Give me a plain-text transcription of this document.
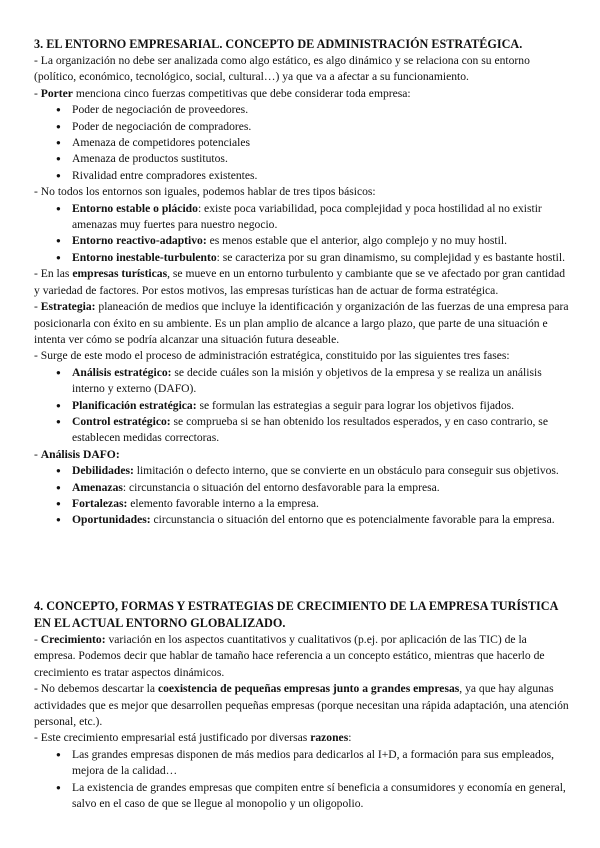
3. EL ENTORNO EMPRESARIAL. CONCEPTO DE ADMINISTRACIÓN ESTRATÉGICA.

- La organización no debe ser analizada como algo estático, es algo dinámico y se relaciona con su entorno (político, económico, tecnológico, social, cultural…) ya que va a afectar a su funcionamiento.

- Porter menciona cinco fuerzas competitivas que debe considerar toda empresa:

● Poder de negociación de proveedores.
● Poder de negociación de compradores.
● Amenaza de competidores potenciales
● Amenaza de productos sustitutos.
● Rivalidad entre compradores existentes.

- No todos los entornos son iguales, podemos hablar de tres tipos básicos:

● Entorno estable o plácido: existe poca variabilidad, poca complejidad y poca hostilidad al no existir amenazas muy fuertes para nuestro negocio.
● Entorno reactivo-adaptivo: es menos estable que el anterior, algo complejo y no muy hostil.
● Entorno inestable-turbulento: se caracteriza por su gran dinamismo, su complejidad y es bastante hostil.

- En las empresas turísticas, se mueve en un entorno turbulento y cambiante que se ve afectado por gran cantidad y variedad de factores. Por estos motivos, las empresas turísticas han de actuar de forma estratégica.

- Estrategia: planeación de medios que incluye la identificación y organización de las fuerzas de una empresa para posicionarla con éxito en su ambiente. Es un plan amplio de alcance a largo plazo, que parte de una situación e intenta ver cómo se podría alcanzar una situación futura deseable.

- Surge de este modo el proceso de administración estratégica, constituido por las siguientes tres fases:

● Análisis estratégico: se decide cuáles son la misión y objetivos de la empresa y se realiza un análisis interno y externo (DAFO).
● Planificación estratégica: se formulan las estrategias a seguir para lograr los objetivos fijados.
● Control estratégico: se comprueba si se han obtenido los resultados esperados, y en caso contrario, se establecen medidas correctoras.

- Análisis DAFO:

● Debilidades: limitación o defecto interno, que se convierte en un obstáculo para conseguir sus objetivos.
● Amenazas: circunstancia o situación del entorno desfavorable para la empresa.
● Fortalezas: elemento favorable interno a la empresa.
● Oportunidades: circunstancia o situación del entorno que es potencialmente favorable para la empresa.
4. CONCEPTO, FORMAS Y ESTRATEGIAS DE CRECIMIENTO DE LA EMPRESA TURÍSTICA EN EL ACTUAL ENTORNO GLOBALIZADO.

- Crecimiento: variación en los aspectos cuantitativos y cualitativos (p.ej. por aplicación de las TIC) de la empresa. Podemos decir que hablar de tamaño hace referencia a un concepto estático, mientras que hacerlo de crecimiento es tratar aspectos dinámicos.

- No debemos descartar la coexistencia de pequeñas empresas junto a grandes empresas, ya que hay algunas actividades que es mejor que desarrollen pequeñas empresas (porque necesitan una rápida adaptación, una atención personal, etc.).

- Este crecimiento empresarial está justificado por diversas razones:

● Las grandes empresas disponen de más medios para dedicarlos al I+D, a formación para sus empleados, mejora de la calidad…
● La existencia de grandes empresas que compiten entre sí beneficia a consumidores y economía en general, salvo en el caso de que se llegue al monopolio y un oligopolio.
